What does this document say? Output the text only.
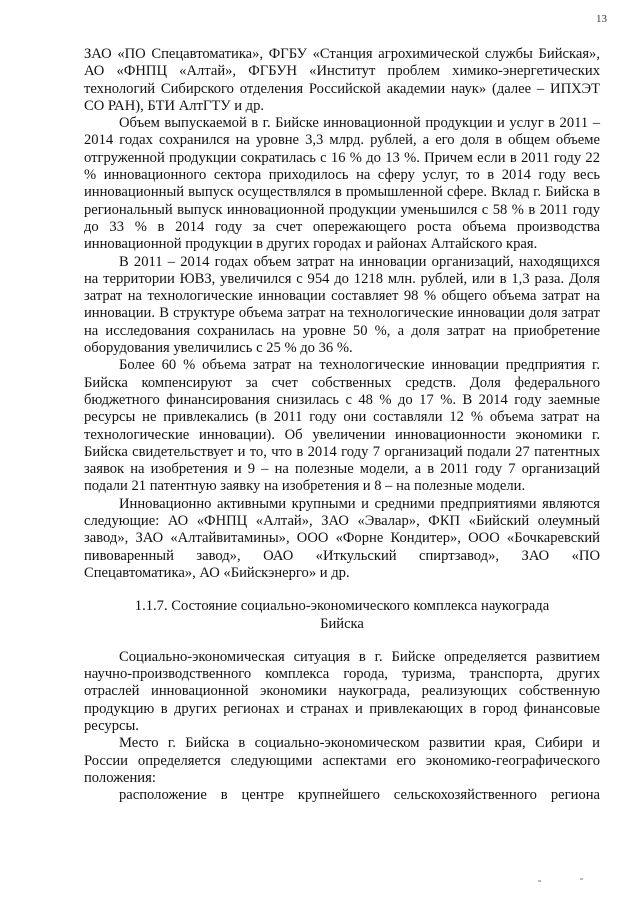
13

ЗАО «ПО Спецавтоматика», ФГБУ «Станция агрохимической службы Бийская», АО «ФНПЦ «Алтай», ФГБУН «Институт проблем химико-энергетических технологий Сибирского отделения Российской академии наук» (далее – ИПХЭТ СО РАН), БТИ АлтГТУ и др.

Объем выпускаемой в г. Бийске инновационной продукции и услуг в 2011 – 2014 годах сохранился на уровне 3,3 млрд. рублей, а его доля в общем объеме отгруженной продукции сократилась с 16 % до 13 %. Причем если в 2011 году 22 % инновационного сектора приходилось на сферу услуг, то в 2014 году весь инновационный выпуск осуществлялся в промышленной сфере. Вклад г. Бийска в региональный выпуск инновационной продукции уменьшился с 58 % в 2011 году до 33 % в 2014 году за счет опережающего роста объема производства инновационной продукции в других городах и районах Алтайского края.

В 2011 – 2014 годах объем затрат на инновации организаций, находящихся на территории ЮВЗ, увеличился с 954 до 1218 млн. рублей, или в 1,3 раза. Доля затрат на технологические инновации составляет 98 % общего объема затрат на инновации. В структуре объема затрат на технологические инновации доля затрат на исследования сохранилась на уровне 50 %, а доля затрат на приобретение оборудования увеличились с 25 % до 36 %.

Более 60 % объема затрат на технологические инновации предприятия г. Бийска компенсируют за счет собственных средств. Доля федерального бюджетного финансирования снизилась с 48 % до 17 %. В 2014 году заемные ресурсы не привлекались (в 2011 году они составляли 12 % объема затрат на технологические инновации). Об увеличении инновационности экономики г. Бийска свидетельствует и то, что в 2014 году 7 организаций подали 27 патентных заявок на изобретения и 9 – на полезные модели, а в 2011 году 7 организаций подали 21 патентную заявку на изобретения и 8 – на полезные модели.

Инновационно активными крупными и средними предприятиями являются следующие: АО «ФНПЦ «Алтай», ЗАО «Эвалар», ФКП «Бийский олеумный завод», ЗАО «Алтайвитамины», ООО «Форне Кондитер», ООО «Бочкаревский пивоваренный завод», ОАО «Иткульский спиртзавод», ЗАО «ПО Спецавтоматика», АО «Бийскэнерго» и др.

1.1.7. Состояние социально-экономического комплекса наукограда Бийска

Социально-экономическая ситуация в г. Бийске определяется развитием научно-производственного комплекса города, туризма, транспорта, других отраслей инновационной экономики наукограда, реализующих собственную продукцию в других регионах и странах и привлекающих в город финансовые ресурсы.

Место г. Бийска в социально-экономическом развитии края, Сибири и России определяется следующими аспектами его экономико-географического положения:

расположение в центре крупнейшего сельскохозяйственного региона
